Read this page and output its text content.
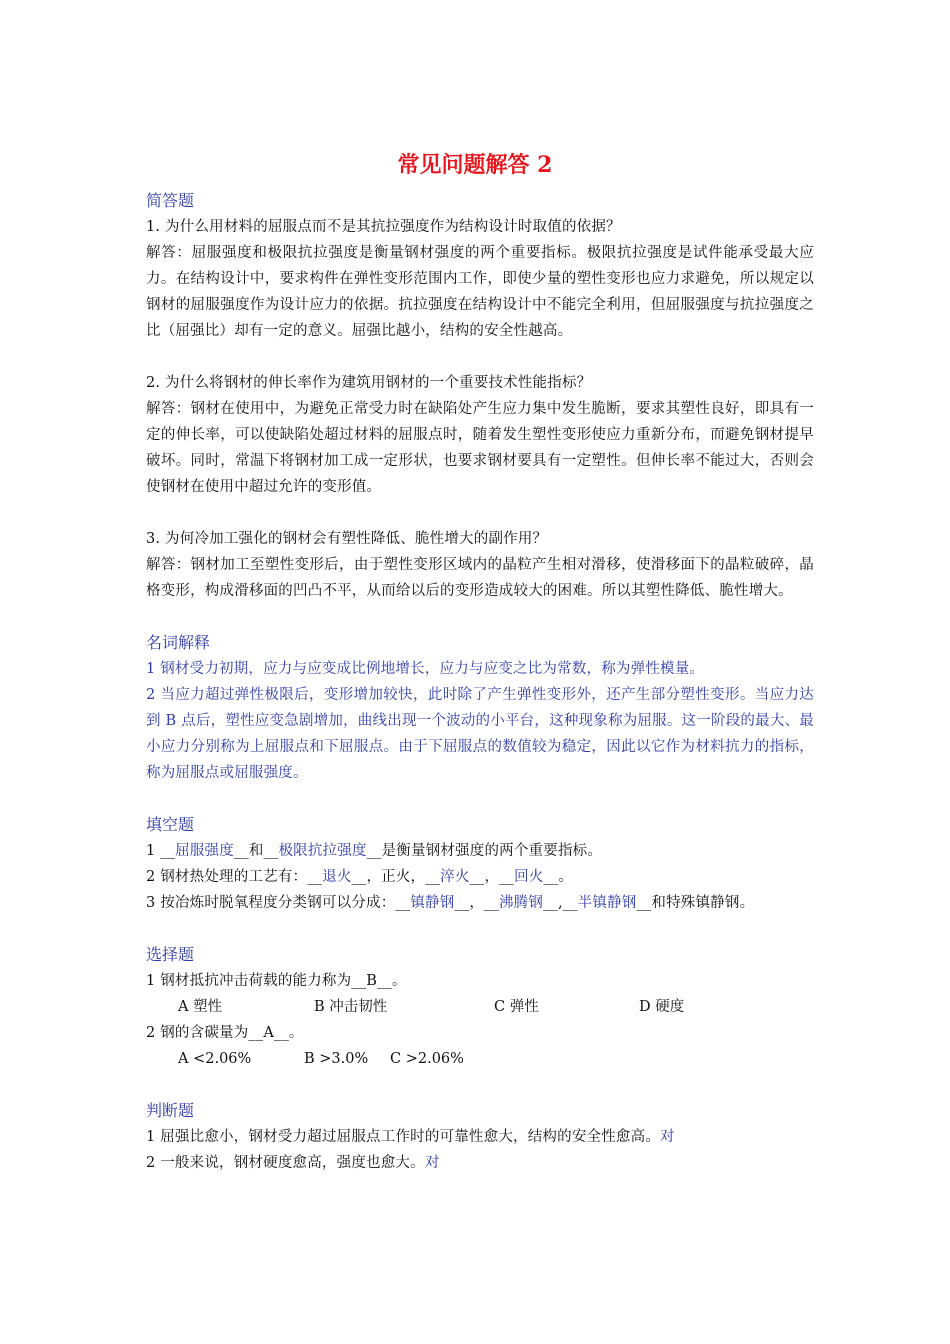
常见问题解答 2
简答题

1. 为什么用材料的屈服点而不是其抗拉强度作为结构设计时取值的依据？

解答：屈服强度和极限抗拉强度是衡量钢材强度的两个重要指标。极限抗拉强度是试件能承受最大应力。在结构设计中，要求构件在弹性变形范围内工作，即使少量的塑性变形也应力求避免，所以规定以钢材的屈服强度作为设计应力的依据。抗拉强度在结构设计中不能完全利用，但屈服强度与抗拉强度之比（屈强比）却有一定的意义。屈强比越小，结构的安全性越高。

2. 为什么将钢材的伸长率作为建筑用钢材的一个重要技术性能指标？

解答：钢材在使用中，为避免正常受力时在缺陷处产生应力集中发生脆断，要求其塑性良好，即具有一定的伸长率，可以使缺陷处超过材料的屈服点时，随着发生塑性变形使应力重新分布，而避免钢材提早破坏。同时，常温下将钢材加工成一定形状，也要求钢材要具有一定塑性。但伸长率不能过大，否则会使钢材在使用中超过允许的变形值。

3. 为何冷加工强化的钢材会有塑性降低、脆性增大的副作用？

解答：钢材加工至塑性变形后，由于塑性变形区域内的晶粒产生相对滑移，使滑移面下的晶粒破碎，晶格变形，构成滑移面的凹凸不平，从而给以后的变形造成较大的困难。所以其塑性降低、脆性增大。

名词解释

1 钢材受力初期，应力与应变成比例地增长，应力与应变之比为常数，称为弹性模量。

2 当应力超过弹性极限后，变形增加较快，此时除了产生弹性变形外，还产生部分塑性变形。当应力达到 B 点后，塑性应变急剧增加，曲线出现一个波动的小平台，这种现象称为屈服。这一阶段的最大、最小应力分别称为上屈服点和下屈服点。由于下屈服点的数值较为稳定，因此以它作为材料抗力的指标，称为屈服点或屈服强度。

填空题

1 __屈服强度__和__极限抗拉强度__是衡量钢材强度的两个重要指标。

2 钢材热处理的工艺有：__退火__，正火，__淬火__，__回火__。

3 按冶炼时脱氧程度分类钢可以分成：__镇静钢__，__沸腾钢__,__半镇静钢__和特殊镇静钢。

选择题

1 钢材抵抗冲击荷载的能力称为__B__。

A 塑性	B 冲击韧性	C 弹性	D 硬度

2 钢的含碳量为__A__。

A <2.06%	B >3.0%	C >2.06%
判断题

1 屈强比愈小，钢材受力超过屈服点工作时的可靠性愈大，结构的安全性愈高。对

2 一般来说，钢材硬度愈高，强度也愈大。对
